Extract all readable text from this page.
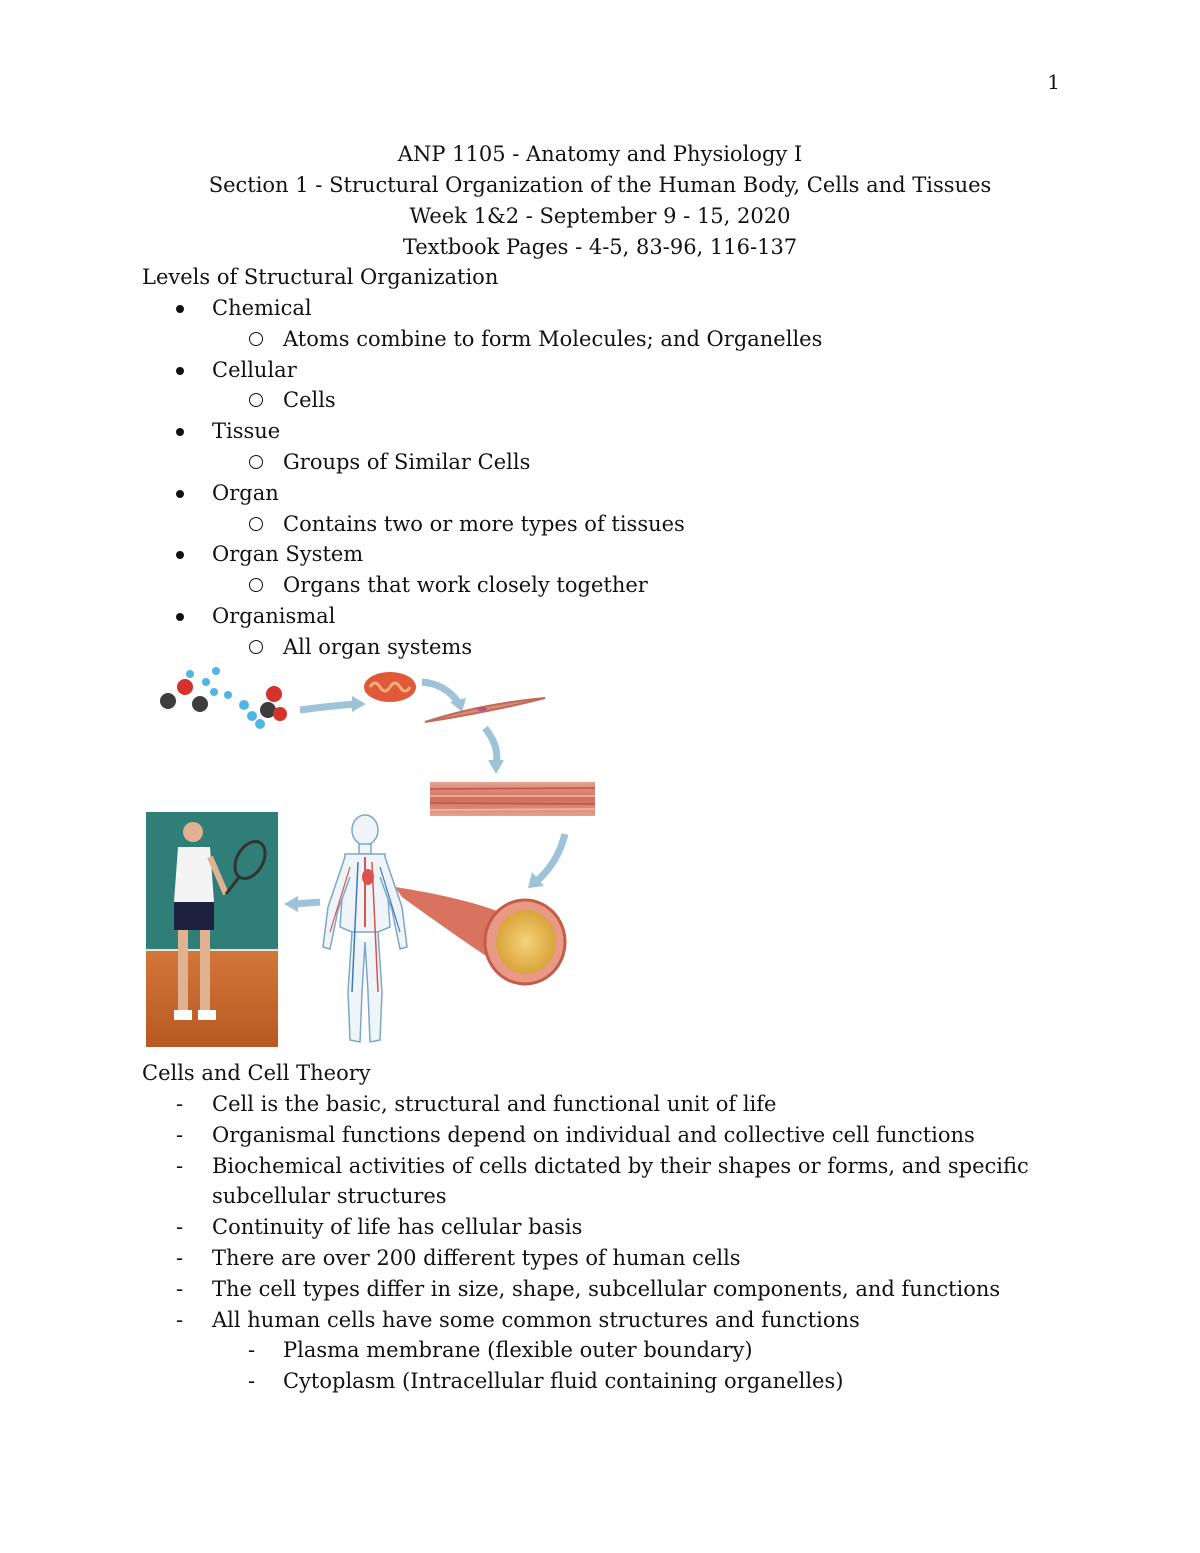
1
ANP 1105 - Anatomy and Physiology I
Section 1 - Structural Organization of the Human Body, Cells and Tissues
Week 1&2 - September 9 - 15, 2020
Textbook Pages - 4-5, 83-96, 116-137
Levels of Structural Organization
Chemical
Atoms combine to form Molecules; and Organelles
Cellular
Cells
Tissue
Groups of Similar Cells
Organ
Contains two or more types of tissues
Organ System
Organs that work closely together
Organismal
All organ systems
Cells and Cell Theory
- Cell is the basic, structural and functional unit of life
- Organismal functions depend on individual and collective cell functions
- Biochemical activities of cells dictated by their shapes or forms, and specific
subcellular structures
- Continuity of life has cellular basis
- There are over 200 different types of human cells
- The cell types differ in size, shape, subcellular components, and functions
- All human cells have some common structures and functions
- Plasma membrane (flexible outer boundary)
- Cytoplasm (Intracellular fluid containing organelles)
